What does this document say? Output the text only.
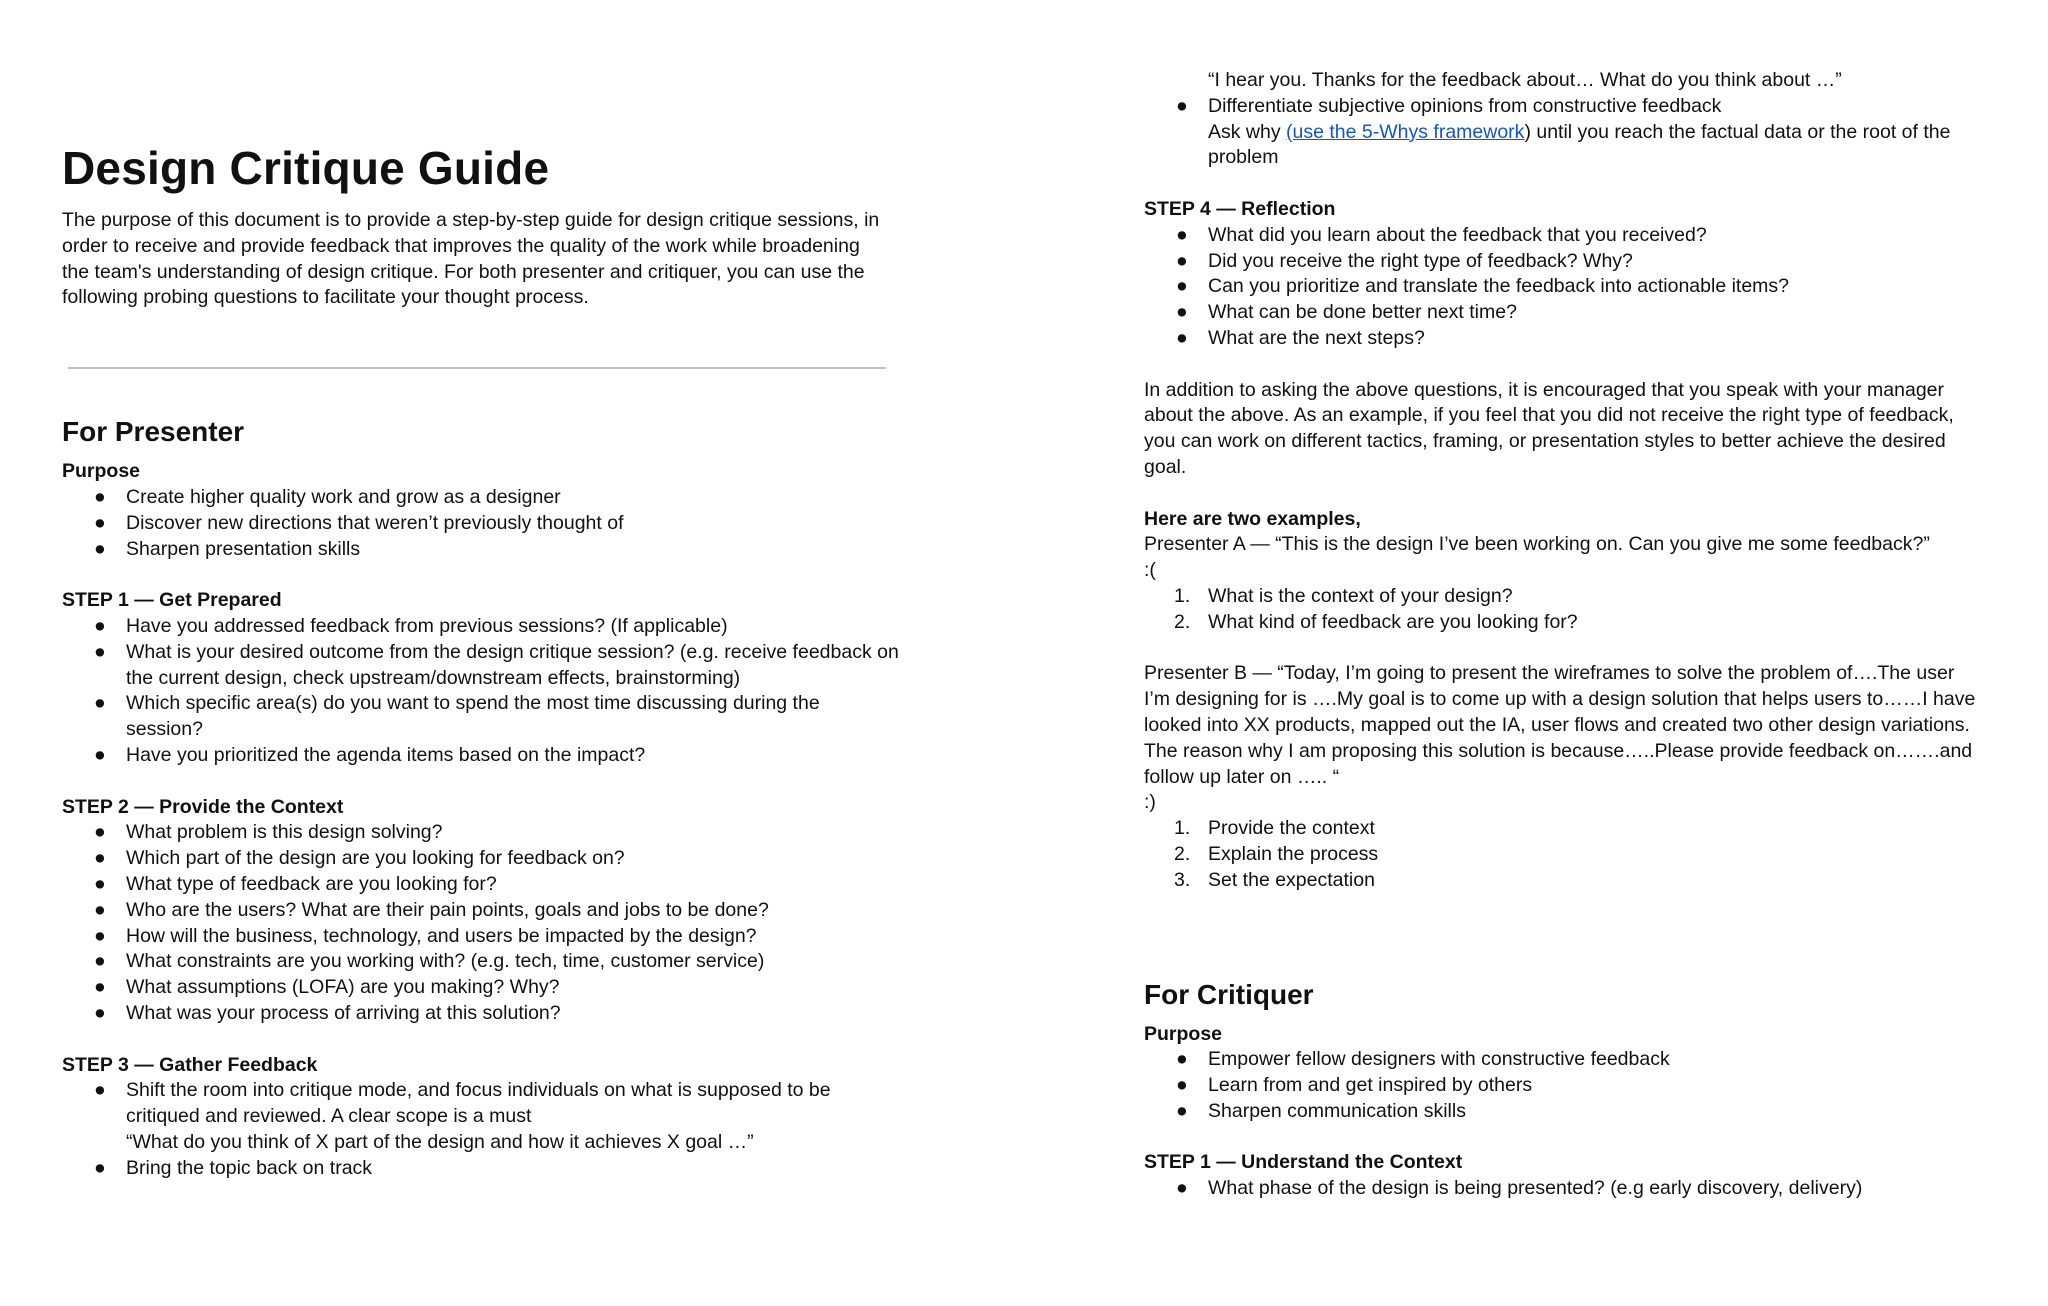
Design Critique Guide

The purpose of this document is to provide a step-by-step guide for design critique sessions, in order to receive and provide feedback that improves the quality of the work while broadening the team's understanding of design critique. For both presenter and critiquer, you can use the following probing questions to facilitate your thought process.

For Presenter

Purpose

● Create higher quality work and grow as a designer
● Discover new directions that weren’t previously thought of
● Sharpen presentation skills

STEP 1 — Get Prepared

● Have you addressed feedback from previous sessions? (If applicable)
● What is your desired outcome from the design critique session? (e.g. receive feedback on the current design, check upstream/downstream effects, brainstorming)
● Which specific area(s) do you want to spend the most time discussing during the session?
● Have you prioritized the agenda items based on the impact?

STEP 2 — Provide the Context

● What problem is this design solving?
● Which part of the design are you looking for feedback on?
● What type of feedback are you looking for?
● Who are the users? What are their pain points, goals and jobs to be done?
● How will the business, technology, and users be impacted by the design?
● What constraints are you working with? (e.g. tech, time, customer service)
● What assumptions (LOFA) are you making? Why?
● What was your process of arriving at this solution?

STEP 3 — Gather Feedback

● Shift the room into critique mode, and focus individuals on what is supposed to be critiqued and reviewed. A clear scope is a must
“What do you think of X part of the design and how it achieves X goal …”
● Bring the topic back on track
“I hear you. Thanks for the feedback about… What do you think about …”
● Differentiate subjective opinions from constructive feedback
Ask why (use the 5-Whys framework) until you reach the factual data or the root of the problem

STEP 4 — Reflection

● What did you learn about the feedback that you received?
● Did you receive the right type of feedback? Why?
● Can you prioritize and translate the feedback into actionable items?
● What can be done better next time?
● What are the next steps?

In addition to asking the above questions, it is encouraged that you speak with your manager about the above. As an example, if you feel that you did not receive the right type of feedback, you can work on different tactics, framing, or presentation styles to better achieve the desired goal.

Here are two examples,

Presenter A — “This is the design I’ve been working on. Can you give me some feedback?”

:(

1. What is the context of your design?
2. What kind of feedback are you looking for?

Presenter B — “Today, I’m going to present the wireframes to solve the problem of….The user I’m designing for is ….My goal is to come up with a design solution that helps users to……I have looked into XX products, mapped out the IA, user flows and created two other design variations. The reason why I am proposing this solution is because…..Please provide feedback on…….and follow up later on ….. “

:)

1. Provide the context
2. Explain the process
3. Set the expectation
For Critiquer

Purpose

● Empower fellow designers with constructive feedback
● Learn from and get inspired by others
● Sharpen communication skills

STEP 1 — Understand the Context

● What phase of the design is being presented? (e.g early discovery, delivery)
